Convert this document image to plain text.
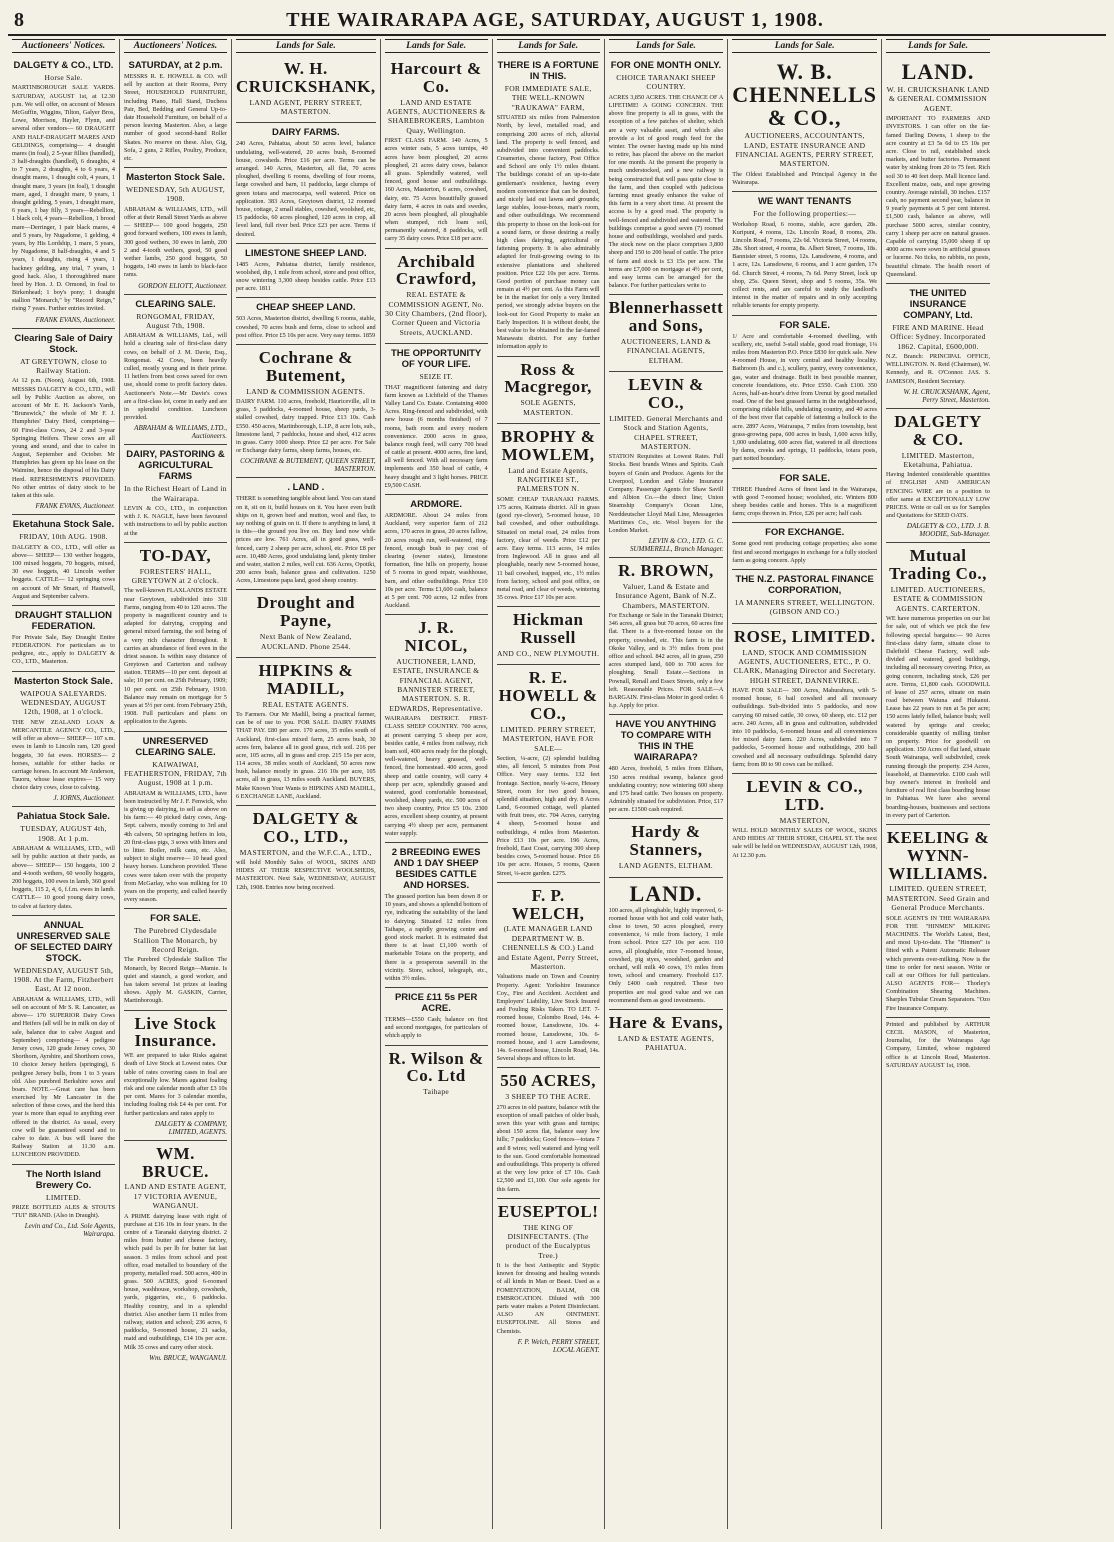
8	THE WAIRARAPA AGE, SATURDAY, AUGUST 1, 1908.
Auctioneers' Notices.
DALGETY & CO., LTD.

Horse Sale.

MARTINBOROUGH SALE YARDS. SATURDAY, AUGUST 1st, at 12.30 p.m. We will offer, on account of Messrs McGuffin, Wiggins, Tilton, Galyer Bros, Lowe, Morrison, Hayler, Flynn, and several other vendors— 60 DRAUGHT AND HALF-DRAUGHT MARES AND GELDINGS, comprising— 4 draught mares (in foal), 2 5-year fillies (handled), 3 half-draughts (handled), 6 draughts, 4 to 7 years, 2 draughts, 4 to 6 years, 4 draught mares, 1 draught colt, 4 years, 1 draught mare, 3 years (in foal), 1 draught mare, aged, 1 draught mare, 9 years, 1 draught gelding, 5 years, 1 draught mare, 6 years, 1 bay filly, 3 years—Rebellion, 1 black colt, 4 years—Rebellion, 1 brood mare—Derringer, 1 pair black mares, 4 and 5 years, by Nugadome, 1 gelding, 4 years, by His Lordship, 1 mare, 5 years, by Nugadome, 8 half-draughts, 4 and 5 years, 1 draughts, rising 4 years, 1 hackney gelding, any trial, 7 years, 1 good hack. Also, 1 thoroughbred mare bred by Hon. J. D. Ormond, in foal to Birkenhead; 1 boy's pony; 1 draught stallion "Monarch," by "Record Reign," rising 7 years. Further entries invited.

FRANK EVANS, Auctioneer.

Clearing Sale of Dairy Stock.

AT GREYTOWN, close to Railway Station.

At 12 p.m. (Noon), August 6th, 1908. MESSRS DALGETY & CO., LTD., will sell by Public Auction as above, on account of Mr E. H. Jackson's Yards, "Brunswick," the whole of Mr F. J. Humphries' Dairy Herd, comprising— 60 First-class Cows, 24 2 and 3-year Springing Heifers. These cows are all young and sound, and due to calve in August, September and October. Mr Humphries has given up his lease on the Waimine, hence the disposal of his Dairy Herd. REFRESHMENTS PROVIDED. No other entries of dairy stock to be taken at this sale.

FRANK EVANS, Auctioneer.

Eketahuna Stock Sale.

FRIDAY, 10th AUG. 1908.

DALGETY & CO., LTD., will offer as above— SHEEP— 130 wether hoggets, 100 mixed hoggets, 70 hoggets, mixed, 30 ewe hoggets, 40 Lincoln wether hoggets. CATTLE— 12 springing cows on account of Mr Smart, of Hastwell, August and September calvers.

DRAUGHT STALLION FEDERATION.

For Private Sale, Bay Draught Entire FEDERATION. For particulars as to pedigree, etc., apply to DALGETY & CO., LTD., Masterton.

Masterton Stock Sale.

WAIPOUA SALEYARDS. WEDNESDAY, AUGUST 12th, 1908, at 1 o'clock.

THE NEW ZEALAND LOAN & MERCANTILE AGENCY CO., LTD., will offer as above— SHEEP— 107 s.m. ewes in lamb to Lincoln ram, 120 good hoggets, 30 fat ewes. HORSES— 2 horses, suitable for either hacks or carriage horses. In account Mr Anderson, Tauoru, whose lease expires— 15 very choice dairy cows, close to calving.

J. IORNS, Auctioneer.

Pahiatua Stock Sale.

TUESDAY, AUGUST 4th, 1908. At 1 p.m.

ABRAHAM & WILLIAMS, LTD., will sell by public auction at their yards, as above— SHEEP— 150 hoggets, 100 2 and 4-tooth wethers, 60 woolly hoggets, 200 hoggets, 100 ewes in lamb, 360 good hoggets, 115 2, 4, 6, f.f.m. ewes in lamb. CATTLE— 10 good young dairy cows, to calve at factory dates.

ANNUAL UNRESERVED SALE OF SELECTED DAIRY STOCK.

WEDNESDAY, AUGUST 5th, 1908. At the Farm, Fitzherbert East, At 12 noon.

ABRAHAM & WILLIAMS, LTD., will sell on account of Mr S. R. Lancaster, as above— 170 SUPERIOR Dairy Cows and Heifers (all will be in milk on day of sale, balance due to calve August and September) comprising— 4 pedigree Jersey cows, 120 grade Jersey cows, 30 Shorthorn, Ayrshire, and Shorthorn cows, 10 choice Jersey heifers (springing), 6 pedigree Jersey bulls, from 1 to 3 years old. Also purebred Berkshire sows and boars. NOTE.—Great care has been exercised by Mr Lancaster in the selection of these cows, and the herd this year is more than equal to anything ever offered in the district. As usual, every cow will be guaranteed sound and to calve to date. A bus will leave the Railway Station at 11.30 a.m. LUNCHEON PROVIDED.

The North Island Brewery Co.

LIMITED.

PRIZE BOTTLED ALES & STOUTS "TUI" BRAND. (Also in Draught).

Levin and Co., Ltd. Sole Agents, Wairarapa.

Auctioneers' Notices.
SATURDAY, at 2 p.m.

MESSRS R. E. HOWELL & CO. will sell by auction at their Rooms, Perry Street, HOUSEHOLD FURNITURE, including Piano, Hall Stand, Duchess Pair, Bed, Bedding and General Up-to-date Household Furniture, on behalf of a person leaving Masterton. Also, a large number of good second-hand Roller Skates. No reserve on these. Also, Gig, Sofa, 2 guns, 2 Rifles, Poultry, Produce, etc.

Masterton Stock Sale.

WEDNESDAY, 5th AUGUST, 1908.

ABRAHAM & WILLIAMS, LTD., will offer at their Renall Street Yards as above— SHEEP— 100 good hoggets, 250 good forward wethers, 100 ewes in lamb, 300 good wethers, 30 ewes in lamb, 200 2 and 4-tooth wethers, good, 50 good wether lambs, 250 good hoggets, 50 hoggets, 140 ewes in lamb to black-face rams.

GORDON ELIOTT, Auctioneer.

CLEARING SALE.

RONGOMAI, FRIDAY, August 7th, 1908.

ABRAHAM & WILLIAMS, Ltd., will hold a clearing sale of first-class dairy cows, on behalf of J. M. Davie, Esq., Rongomai. 42 Cows, been heavily culled, mostly young and in their prime. 11 heifers from best cows saved for own use, should come to profit factory dates. Auctioneer's Note.—Mr Davie's cows are a first-class lot, come in early and are in splendid condition. Luncheon provided.

ABRAHAM & WILLIAMS, LTD., Auctioneers.

DAIRY, PASTORING & AGRICULTURAL FARMS

In the Richest Heart of Land in the Wairarapa.

LEVIN & CO., LTD., in conjunction with J. K. NAGLE, have been favoured with instructions to sell by public auction at the

TO-DAY,

FORESTERS' HALL, GREYTOWN at 2 o'clock.

The well-known FLAXLANDS ESTATE near Greytown, subdivided into 318 Farms, ranging from 40 to 120 acres. The property is magnificent country and is adapted for dairying, cropping and general mixed farming, the soil being of a very rich character throughout. It carries an abundance of feed even in the driest season. Is within easy distance of Greytown and Carterton and railway station. TERMS—10 per cent. deposit at sale; 10 per cent. on 25th February, 1909; 10 per cent. on 25th February, 1910. Balance may remain on mortgage for 5 years at 5½ per cent. from February 25th, 1908. Full particulars and plans on application to the Agents.

UNRESERVED CLEARING SALE.

KAIWAIWAI, FEATHERSTON, FRIDAY, 7th August, 1908 at 1 p.m.

ABRAHAM & WILLIAMS, LTD., have been instructed by Mr J. F. Fenwick, who is giving up dairying, to sell as above on his farm:— 40 picked dairy cows, Ang-Sept. calvers, mostly coming to 3rd and 4th calvers, 50 springing heifers in lots, 20 first-class pigs, 3 sows with litters and to litter. Boiler, milk cans, etc. Also, subject to slight reserve— 10 head good heavy horses. Luncheon provided. These cows were taken over with the property from McGarlay, who was milking for 10 years on the property, and culled heavily every season.

FOR SALE.

The Purebred Clydesdale Stallion The Monarch, by Record Reign.

The Purebred Clydesdale Stallion The Monarch, by Record Reign—Mamie. Is quiet and staunch, a good worker, and has taken several 1st prizes at leading shows. Apply M. GASKIN, Carrier, Martinborough.

Live Stock Insurance.

WE are prepared to take Risks against death of Live Stock at Lowest rates. Our table of rates covering cases in foal are exceptionally low. Mares against foaling risk and one calendar month after £3 10s per cent. Mares for 3 calendar months, including foaling risk £4 4s per cent. For further particulars and rates apply to

DALGETY & COMPANY, LIMITED, AGENTS.

WM. BRUCE.

LAND AND ESTATE AGENT, 17 VICTORIA AVENUE, WANGANUI.

A PRIME dairying lease with right of purchase at £16 10s in four years. In the centre of a Taranaki dairying district. 2 miles from butter and cheese factory, which paid 1s per lb for butter fat last season. 3 miles from school and post office, road metalled to boundary of the property, metalled road. 500 acres, 400 in grass. 500 ACRES, good 6-roomed house, washhouse, workshop, cowsheds, yards, piggeries, etc., 6 paddocks. Healthy country, and in a splendid district. Also another farm 11 miles from railway, station and school; 236 acres, 6 paddocks, 9-roomed house, 21 sacks, maid and outbuildings, £14 10s per acre. Milk 35 cows and carry other stock.

Wm. BRUCE, WANGANUI.

Lands for Sale.
W. H. CRUICKSHANK,

LAND AGENT, PERRY STREET, MASTERTON.

DAIRY FARMS.

240 Acres, Pahiatua, about 50 acres level, balance undulating, well-watered, 20 acres bush, 8-roomed house, cowsheds. Price £16 per acre. Terms can be arranged. 140 Acres, Masterton, all flat, 70 acres ploughed, dwelling 6 rooms, dwelling of four rooms, large cowshed and barn, 11 paddocks, large clumps of green totara and macrocarpa, well watered. Price on application. 383 Acres, Greytown district, 12 roomed house, cottage, 2 small stables, cowshed, woolshed, etc, 15 paddocks, 60 acres ploughed, 120 acres in crop, all level land, full river bed. Price £23 per acre. Terms if desired.

LIMESTONE SHEEP LAND.

1485 Acres, Pahiatua district, family residence, woolshed, dip, 1 mile from school, store and post office, snow wintering 3,300 sheep besides cattle. Price £13 per acre. 1811

CHEAP SHEEP LAND.

503 Acres, Masterton district, dwelling 6 rooms, stable, cowshed, 70 acres bush and ferns, close to school and post office. Price £5 10s per acre. Very easy terms. 1859

Cochrane & Butement,

LAND & COMMISSION AGENTS.

DAIRY FARM. 110 acres, freehold, Hauriceville, all in grass, 5 paddocks, 4-roomed house, sheep yards, 3-stalled cowshed, dairy trapped. Price £13 10s. Cash £550. 450 acres, Martinborough, L.I.P., 8 acre lots, sub., limestone land, 7 paddocks, house and shed, 412 acres in grass. Carry 1000 sheep. Price £2 per acre. For Sale or Exchange dairy farms, sheep farms, houses, etc.

COCHRANE & BUTEMENT, QUEEN STREET, MASTERTON.

. LAND .

THERE is something tangible about land. You can stand on it, sit on it, build houses on it. You have even built ships on it, grown beef and mutton, wool and flax, to say nothing of grain on it. If there is anything in land, it is this—the ground you live on. Buy land now while prices are low. 761 Acres, all in good grass, well-fenced, carry 2 sheep per acre, school, etc. Price £8 per acre. 10,480 Acres, good undulating land, plenty timber and water, station 2 miles, well cut. 636 Acres, Opotiki, 200 acres bush, balance grass and cultivation. 1250 Acres, Limestone papa land, good sheep country.

Drought and Payne,

Next Bank of New Zealand, AUCKLAND. Phone 2544.

HIPKINS & MADILL,

REAL ESTATE AGENTS.

To Farmers. Our Mr Madill, being a practical farmer, can be of use to you. FOR SALE. DAIRY FARMS THAT PAY. £80 per acre. 170 acres, 35 miles south of Auckland, first-class mixed farm, 25 acres bush, 30 acres fern, balance all in good grass, rich soil. 216 per acre, 105 acres, all in grass and crop. 215 15s per acre, 114 acres, 38 miles south of Auckland, 50 acres now bush, balance mostly in grass. 216 10s per acre, 105 acres, all in grass, 13 miles south Auckland. BUYERS, Make Known Your Wants to HIPKINS AND MADILL, 6 EXCHANGE LANE, Auckland.

DALGETY & CO., LTD.,

MASTERTON, and the W.F.C.A., LTD.,

will hold Monthly Sales of WOOL, SKINS AND HIDES AT THEIR RESPECTIVE WOOLSHEDS, MASTERTON. Next Sale, WEDNESDAY, AUGUST 12th, 1908. Entries now being received.

Lands for Sale.
Harcourt & Co.

LAND AND ESTATE AGENTS, AUCTIONEERS & SHAREBROKERS, Lambton Quay, Wellington.

FIRST CLASS FARM. 140 Acres, 5 acres winter oats, 5 acres turnips, 40 acres have been ploughed, 20 acres ploughed, 21 acres dairy cows, balance all grass. Splendidly watered, well fenced, good house and outbuildings. 160 Acres, Masterton, 6 acres, cowshed, dairy, etc. 75 Acres beautifully grassed dairy farm, 4 acres in oats and swedes, 20 acres been ploughed, all ploughable when stumped, rich loam soil, permanently watered, 8 paddocks, will carry 35 dairy cows. Price £18 per acre.

Archibald Crawford,

REAL ESTATE & COMMISSION AGENT, No. 30 City Chambers, (2nd floor), Corner Queen and Victoria Streets, AUCKLAND.

THE OPPORTUNITY OF YOUR LIFE.

SEIZE IT.

THAT magnificent fattening and dairy farm known as Lichfield of the Thames Valley Land Co. Estate. Containing 4000 Acres. Ring-fenced and subdivided, with new house (6 months finished) of 7 rooms, bath room and every modern convenience. 2000 acres in grass, balance rough feed, will carry 700 head of cattle at present. 4000 acres, fine land, all well fenced. With all necessary farm implements and 350 head of cattle, 4 heavy draught and 3 light horses. PRICE £9,500 CASH.

ARDMORE.

ARDMORE. About 24 miles from Auckland, very superior farm of 212 acres, 170 acres in grass, 20 acres fallow, 20 acres rough run, well-watered, ring-fenced, enough bush to pay cost of clearing (owner states), limestone formation, fine hills on property, house of 5 rooms in good repair, washhouse, barn, and other outbuildings. Price £10 10s per acre. Terms £1,600 cash, balance at 5 per cent. 700 acres, 12 miles from Auckland.

J. R. NICOL,

AUCTIONEER, LAND, ESTATE, INSURANCE & FINANCIAL AGENT, BANNISTER STREET, MASTERTON. S. R. EDWARDS, Representative.

WAIRARAPA DISTRICT. FIRST-CLASS SHEEP COUNTRY. 700 acres, at present carrying 5 sheep per acre, besides cattle, 4 miles from railway, rich loam soil, 400 acres ready for the plough, well-watered, heavy grassed, well-fenced, fine homestead. 400 acres, good sheep and cattle country, will carry 4 sheep per acre, splendidly grassed and watered, good comfortable homestead, woolshed, sheep yards, etc. 500 acres of two sheep country, Price £5 10s. 2300 acres, excellent sheep country, at present carrying 4½ sheep per acre, permanent water supply.

2 BREEDING EWES AND 1 DAY SHEEP BESIDES CATTLE AND HORSES.

The grassed portion has been down 8 or 10 years, and shows a splendid bottom of rye, indicating the suitability of the land to dairying. Situated 12 miles from Taihape, a rapidly growing centre and good stock market. It is estimated that there is at least £1,100 worth of marketable Totara on the property, and there is a prosperous sawmill in the vicinity. Store, school, telegraph, etc., within 3½ miles.

PRICE £11 5s PER ACRE.

TERMS—£550 Cash; balance on first and second mortgages, for particulars of which apply to

R. Wilson & Co. Ltd

Taihape

Lands for Sale.
THERE IS A FORTUNE IN THIS.

FOR IMMEDIATE SALE, THE WELL-KNOWN "RAUKAWA" FARM,

SITUATED six miles from Palmerston North, by level, metalled road, and comprising 200 acres of rich, alluvial land. The property is well fenced, and subdivided into convenient paddocks. Creameries, cheese factory, Post Office and School are only 1½ miles distant. The buildings consist of an up-to-date gentleman's residence, having every modern convenience that can be desired, and nicely laid out lawns and grounds; large stables, loose-boxes, man's room, and other outbuildings. We recommend this property to those on the look-out for a sound farm, or those desiring a really high class dairying, agricultural or fattening property. It is also admirably adapted for fruit-growing owing to its extensive plantations and sheltered position. Price £22 10s per acre. Terms. Good portion of purchase money can remain at 4½ per cent. As this Farm will be in the market for only a very limited period, we strongly advise buyers on the look-out for Good Property to make an Early Inspection. It is without doubt, the best value to be obtained in the far-famed Manawatu district. For any further information apply to

Ross & Macgregor,

SOLE AGENTS, MASTERTON.

BROPHY & MOWLEM,

Land and Estate Agents, RANGITIKEI ST., PALMERSTON N.

SOME CHEAP TARANAKI FARMS. 175 acres, Kaimata district. All in grass (good rye-clover), 5-roomed house, 10 bail cowshed, and other outbuildings. Situated on metal road, 24 miles from factory, clear of weeds. Price £12 per acre. Easy terms. 113 acres, 14 miles from Inglewood. All in grass and all ploughable, nearly new 5-roomed house, 11 bail cowshed, trapped, etc., 1½ miles from factory, school and post office, on metal road, and clear of weeds, wintering 35 cows. Price £17 10s per acre.

Hickman Russell

AND CO., NEW PLYMOUTH.

R. E. HOWELL & CO.,

LIMITED. PERRY STREET, MASTERTON, HAVE FOR SALE—

Section, ¼-acre, (2) splendid building sites, all fenced, 5 minutes from Post Office. Very easy terms. 132 feet frontage. Section, nearly ¼-acre, Hessey Street, room for two good houses, splendid situation, high and dry. 8 Acres Land, 6-roomed cottage, well planted with fruit trees, etc. 704 Acres, carrying 4 sheep, 5-roomed house and outbuildings, 4 miles from Masterton. Price £13 10s per acre. 196 Acres, freehold, East Coast, carrying 300 sheep besides cows, 5-roomed house. Price £6 10s per acre. Houses, 5 rooms, Queen Street, ¼-acre garden. £275.

F. P. WELCH,

(LATE MANAGER LAND DEPARTMENT W. B. CHENNELLS & CO.) Land and Estate Agent, Perry Street, Masterton.

Valuations made on Town and Country Property. Agent: Yorkshire Insurance Coy., Fire and Accident. Accident and Employers' Liability, Live Stock Insured and Fouling Risks Taken. TO LET. 7-roomed house, Colombo Road, 14s. 4-roomed house, Lansdowne, 10s. 4-roomed house, Lansdowne, 10s. 6-roomed house, and 1 acre Lansdowne, 14s. 6-roomed house, Lincoln Road, 14s. Several shops and offices to let.

550 ACRES,

3 SHEEP TO THE ACRE.

270 acres in old pasture, balance with the exception of small patches of older bush, sown this year with grass and turnips; about 150 acres flat, balance easy low hills; 7 paddocks; Good fences—totara 7 and 8 wires; well watered and lying well to the sun. Good comfortable homestead and outbuildings. This property is offered at the very low price of £7 10s. Cash £2,500 and £1,100. Our sole agents for this farm.

EUSEPTOL!

THE KING OF DISINFECTANTS. (The product of the Eucalyptus Tree.)

It is the best Antiseptic and Styptic known for dressing and healing wounds of all kinds in Man or Beast. Used as a FOMENTATION, BALM, OR EMBROCATION. Diluted with 300 parts water makes a Potent Disinfectant. ALSO AN OINTMENT. EUSEPTOLINE. All Stores and Chemists.

F. P. Welch, PERRY STREET, LOCAL AGENT.

Lands for Sale.
FOR ONE MONTH ONLY.

CHOICE TARANAKI SHEEP COUNTRY.

ACRES 3,850 ACRES. THE CHANCE OF A LIFETIME! A GOING CONCERN. THE above fine property is all in grass, with the exception of a few patches of shelter, which are a very valuable asset, and which also provide a lot of good rough feed for the winter. The owner having made up his mind to retire, has placed the above on the market for one month. At the present the property is much understocked, and a new railway is being constructed that will pass quite close to the farm, and then coupled with judicious farming must greatly enhance the value of this farm in a very short time. At present the access is by a good road. The property is well-fenced and subdivided and watered. The buildings comprise a good seven (7) roomed house and outbuildings, woolshed and yards. The stock now on the place comprises 3,800 sheep and 150 to 200 head of cattle. The price of farm and stock is £3 15s per acre. The terms are £7,000 on mortgage at 4½ per cent, and easy terms can be arranged for the balance. For further particulars write to

Blennerhassett and Sons,

AUCTIONEERS, LAND & FINANCIAL AGENTS, ELTHAM.

LEVIN & CO.,

LIMITED. General Merchants and Stock and Station Agents, CHAPEL STREET, MASTERTON.

STATION Requisites at Lowest Rates. Full Stocks. Best brands Wines and Spirits. Cash buyers of Grain and Produce. Agents for the Liverpool, London and Globe Insurance Company. Passenger Agents for Shaw Savill and Albion Co.—the direct line; Union Steamship Company's Ocean Line, Norddeutscher Lloyd Mail Line, Messageries Maritimes Co., etc. Wool buyers for the London Market.

LEVIN & CO., LTD. G. C. SUMMERELL, Branch Manager.

R. BROWN,

Valuer, Land & Estate and Insurance Agent, Bank of N.Z. Chambers, MASTERTON.

For Exchange or Sale in the Taranaki District; 346 acres, all grass but 70 acres, 60 acres fine flat. There is a five-roomed house on the property, cowshed, etc. This farm is in the Okoke Valley, and is 3½ miles from post office and school. 842 acres, all in grass, 250 acres stumped land, 600 to 700 acres for ploughing. Small Estate.—Sections in Pownall, Renall and Essex Streets, only a few left. Reasonable Prices. FOR SALE—A BARGAIN. First-class Motor in good order. 6 h.p. Apply for price.

HAVE YOU ANYTHING TO COMPARE WITH THIS IN THE WAIRARAPA?

480 Acres, freehold, 5 miles from Eltham, 150 acres residual swamp, balance good undulating country; now wintering 600 sheep and 175 head cattle. Two houses on property. Admirably situated for subdivision. Price, £17 per acre. £1500 cash required.

Hardy & Stanners,

LAND AGENTS, ELTHAM.

LAND.

100 acres, all ploughable, highly improved, 6-roomed house with hot and cold water bath, close to town, 50 acres ploughed, every convenience, ¼ mile from factory, 1 mile from school. Price £27 10s per acre. 110 acres, all ploughable, nice 7-roomed house, cowshed, pig styes, woodshed, garden and orchard, will milk 40 cows, 1½ miles from town, school and creamery. Freehold £17. Only £400 cash required. These two properties are real good value and we can recommend them as good investments.

Hare & Evans,

LAND & ESTATE AGENTS, PAHIATUA.

Lands for Sale.
W. B. CHENNELLS & CO.,

AUCTIONEERS, ACCOUNTANTS, LAND, ESTATE INSURANCE AND FINANCIAL AGENTS, PERRY STREET, MASTERTON.

The Oldest Established and Principal Agency in the Wairarapa.

WE WANT TENANTS

For the following properties:—

Workshop Road, 6 rooms, stable, acre garden, 28s. Kuripuni, 4 rooms, 12s. Lincoln Road, 8 rooms, 20s. Lincoln Road, 7 rooms, 22s 6d. Victoria Street, 14 rooms, 28s. Short street, 4 rooms, 8s. Albert Street, 7 rooms, 18s. Bannister street, 5 rooms, 12s. Lansdowne, 4 rooms, and 1 acre, 12s. Lansdowne, 6 rooms, and 1 acre garden, 17s 6d. Church Street, 4 rooms, 7s 6d. Perry Street, lock up shop, 25s. Queen Street, shop and 5 rooms, 35s. We collect rents, and are careful to study the landlord's interest in the matter of repairs and in only accepting reliable tenants for empty property.

FOR SALE.

1/ Acre and comfortable 4-roomed dwelling, with scullery, etc, useful 3-stall stable, good road frontage, 1¼ miles from Masterton P.O. Price £830 for quick sale. New 4-roomed House, in very central and healthy locality. Bathroom (h. and c.), scullery, pantry, every convenience, gas, water and drainage. Built in best possible manner, concrete foundations, etc. Price £550. Cash £100. 350 Acres, half-an-hour's drive from Urenui by good metalled road. One of the best grassed farms in the neighbourhood, comprising ridable hills, undulating country, and 40 acres of the best river flat capable of fattening a bullock to the acre. 2897 Acres, Wairarapa, 7 miles from township, best grass-growing papa, 600 acres in bush, 1,600 acres hilly, 1,000 undulating, 600 acres flat, watered in all directions by dams, creeks and springs, 11 paddocks, totara posts, part notted boundary.

FOR SALE.

THREE Hundred Acres of finest land in the Wairarapa, with good 7-roomed house; woolshed, etc. Winters 800 sheep besides cattle and horses. This is a magnificent farm; crops thrown in. Price, £26 per acre; half cash.

FOR EXCHANGE.

Some good rent producing cottage properties; also some first and second mortgages in exchange for a fully stocked farm as going concern. Apply

THE N.Z. PASTORAL FINANCE CORPORATION,

1A MANNERS STREET, WELLINGTON. (GIBSON AND CO.)

ROSE, LIMITED.

LAND, STOCK AND COMMISSION AGENTS, AUCTIONEERS, ETC., P. O. CLARK, Managing Director and Secretary. HIGH STREET, DANNEVIRKE.

HAVE FOR SALE— 300 Acres, Mahurahura, with 5-roomed house, 6 bail cowshed and all necessary outbuildings. Sub-divided into 5 paddocks, and now carrying 60 mixed cattle, 30 cows, 60 sheep, etc. £12 per acre. 240 Acres, all in grass and cultivation, subdivided into 10 paddocks, 6-roomed house and all conveniences for mixed dairy farm. 220 Acres, subdivided into 7 paddocks, 5-roomed house and outbuildings, 200 ball cowshed and all necessary outbuildings. Splendid dairy farm; from 80 to 90 cows can be milked.

LEVIN & CO., LTD.

MASTERTON,

WILL HOLD MONTHLY SALES OF WOOL, SKINS AND HIDES AT THEIR STORE, CHAPEL ST. The next sale will be held on WEDNESDAY, AUGUST 12th, 1908, At 12.30 p.m.

Lands for Sale.
LAND.

W. H. CRUICKSHANK LAND & GENERAL COMMISSION AGENT.

IMPORTANT TO FARMERS AND INVESTORS. I can offer on the far-famed Darling Downs, 1 sheep to the acre country at £3 5s 6d to £5 10s per acre. Close to rail, established stock markets, and butter factories. Permanent water by sinking from 20 to 75 feet. Rich soil 30 to 40 feet deep. Mall licence land. Excellent maize, oats, and rape growing country. Average rainfall, 30 inches. £157 cash, no payment second year, balance in 9 yearly payments at 5 per cent interest. £1,500 cash, balance as above, will purchase 5000 acres, similar country, carry 1 sheep per acre on natural grasses. Capable of carrying 15,000 sheep if up 4000 acres were sown in artificial grasses or lucerne. No ticks, no rabbits, no pests, beautiful climate. The health resort of Queensland.

THE UNITED INSURANCE COMPANY, Ltd.

FIRE AND MARINE. Head Office: Sydney. Incorporated 1862. Capital, £600,000.

N.Z. Branch: PRINCIPAL OFFICE, WELLINGTON. N. Reid (Chairman), W. Kennedy, and R. O'Connor. JAS. S. JAMESON, Resident Secretary.

W. H. CRUICKSHANK, Agent, Perry Street, Masterton.

DALGETY & CO.

LIMITED. Masterton, Eketahuna, Pahiatua.

Having Indented considerable quantities of ENGLISH AND AMERICAN FENCING WIRE are in a position to offer same at EXCEPTIONALLY LOW PRICES. Write or call on us for Samples and Quotations for SEED OATS.

DALGETY & CO., LTD. J. B. MOODIE, Sub-Manager.

Mutual Trading Co.,

LIMITED. AUCTIONEERS, ESTATE & COMMISSION AGENTS. CARTERTON.

WE have numerous properties on our list for sale, out of which we pick the few following special bargains:— 90 Acres first-class dairy farm, situate close to Dalefield Cheese Factory, well sub-divided and watered, good buildings, including all necessary covering. Price, as going concern, including stock, £26 per acre. Terms, £1,800 cash. GOODWILL of lease of 257 acres, situate on main road between Waiuna and Hukanui. Lease has 22 years to run at 5s per acre; 150 acres lately felled, balance bush; well watered by springs and creeks; considerable quantity of milling timber on property. Price for goodwill on application. 150 Acres of flat land, situate South Wairarapa, well subdivided, creek running through the property. 234 Acres, leasehold, at Dannevirke. £100 cash will buy owner's interest in freehold and furniture of real first class boarding house in Pahiatua. We have also several boarding-houses, businesses and sections in every part of Carterton.

KEELING & WYNN-WILLIAMS.

LIMITED. QUEEN STREET, MASTERTON. Seed Grain and General Produce Merchants.

SOLE AGENTS IN THE WAIRARAPA FOR THE "HINMEN" MILKING MACHINES. The World's Latest, Best, and most Up-to-date. The "Hinmen" is fitted with a Patent Automatic Releaser which prevents over-milking. Now is the time to order for next season. Write or call at our Offices for full particulars. ALSO AGENTS FOR— Thorley's Combination Shearing Machines. Sharples Tubular Cream Separators. "Ozo Fire Insurance Company.

Printed and published by ARTHUR CECIL MASON, of Masterton, Journalist, for the Wairarapa Age Company, Limited, whose registered office is at Lincoln Road, Masterton. SATURDAY AUGUST 1st, 1908.
